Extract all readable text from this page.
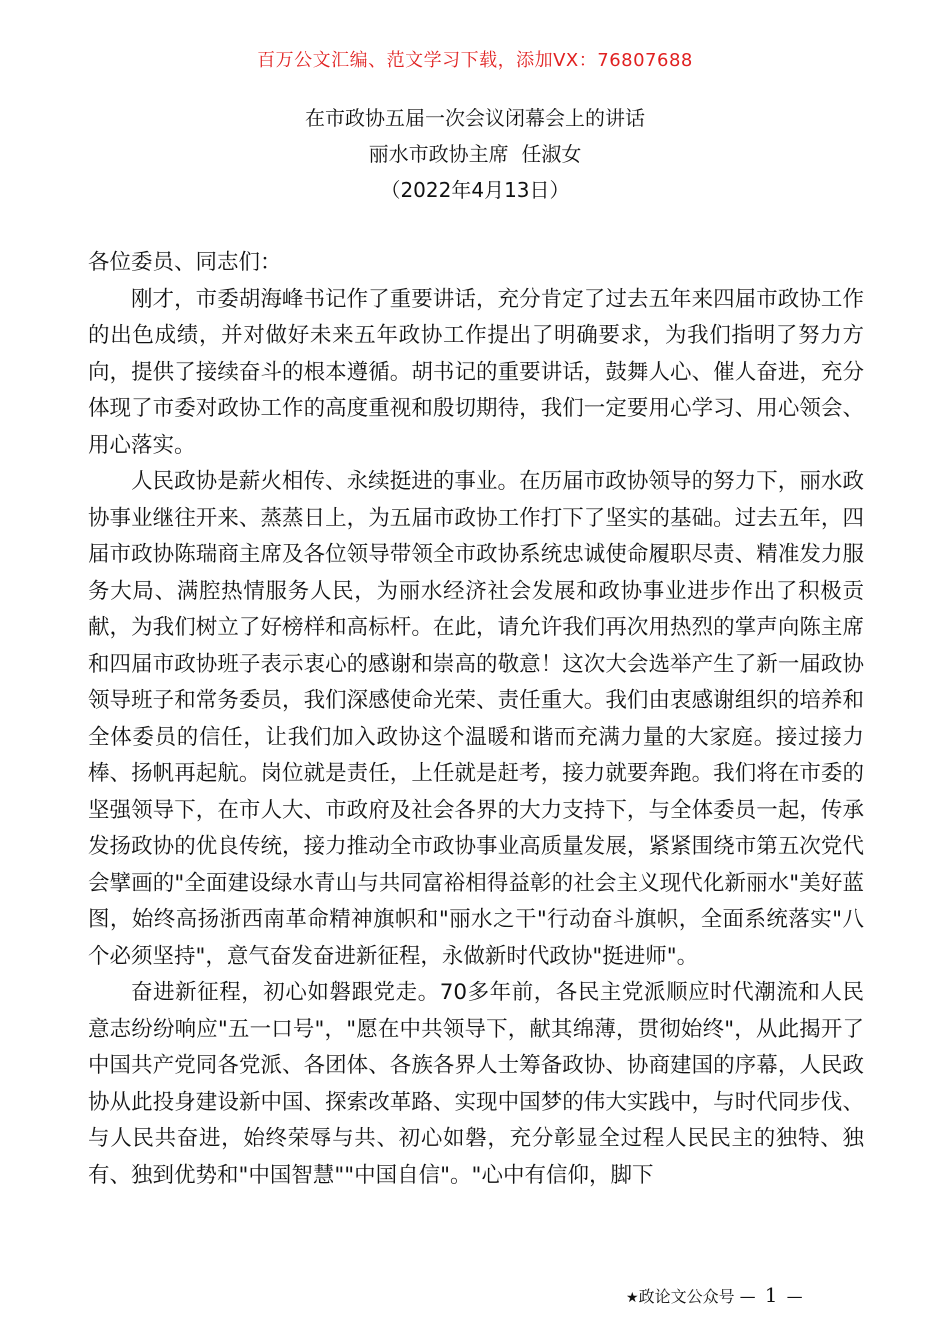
百万公文汇编、范文学习下载，添加VX：76807688
在市政协五届一次会议闭幕会上的讲话
丽水市政协主席  任淑女
（2022年4月13日）

各位委员、同志们：

刚才，市委胡海峰书记作了重要讲话，充分肯定了过去五年来四届市政协工作的出色成绩，并对做好未来五年政协工作提出了明确要求，为我们指明了努力方向，提供了接续奋斗的根本遵循。胡书记的重要讲话，鼓舞人心、催人奋进，充分体现了市委对政协工作的高度重视和殷切期待，我们一定要用心学习、用心领会、用心落实。

人民政协是薪火相传、永续挺进的事业。在历届市政协领导的努力下，丽水政协事业继往开来、蒸蒸日上，为五届市政协工作打下了坚实的基础。过去五年，四届市政协陈瑞商主席及各位领导带领全市政协系统忠诚使命履职尽责、精准发力服务大局、满腔热情服务人民，为丽水经济社会发展和政协事业进步作出了积极贡献，为我们树立了好榜样和高标杆。在此，请允许我们再次用热烈的掌声向陈主席和四届市政协班子表示衷心的感谢和崇高的敬意！这次大会选举产生了新一届政协领导班子和常务委员，我们深感使命光荣、责任重大。我们由衷感谢组织的培养和全体委员的信任，让我们加入政协这个温暖和谐而充满力量的大家庭。接过接力棒、扬帆再起航。岗位就是责任，上任就是赶考，接力就要奔跑。我们将在市委的坚强领导下，在市人大、市政府及社会各界的大力支持下，与全体委员一起，传承发扬政协的优良传统，接力推动全市政协事业高质量发展，紧紧围绕市第五次党代会擘画的"全面建设绿水青山与共同富裕相得益彰的社会主义现代化新丽水"美好蓝图，始终高扬浙西南革命精神旗帜和"丽水之干"行动奋斗旗帜，全面系统落实"八个必须坚持"，意气奋发奋进新征程，永做新时代政协"挺进师"。

奋进新征程，初心如磐跟党走。70多年前，各民主党派顺应时代潮流和人民意志纷纷响应"五一口号"，"愿在中共领导下，献其绵薄，贯彻始终"，从此揭开了中国共产党同各党派、各团体、各族各界人士筹备政协、协商建国的序幕，人民政协从此投身建设新中国、探索改革路、实现中国梦的伟大实践中，与时代同步伐、与人民共奋进，始终荣辱与共、初心如磐，充分彰显全过程人民民主的独特、独有、独到优势和"中国智慧""中国自信"。"心中有信仰，脚下

★政论文公众号 — 1 —
